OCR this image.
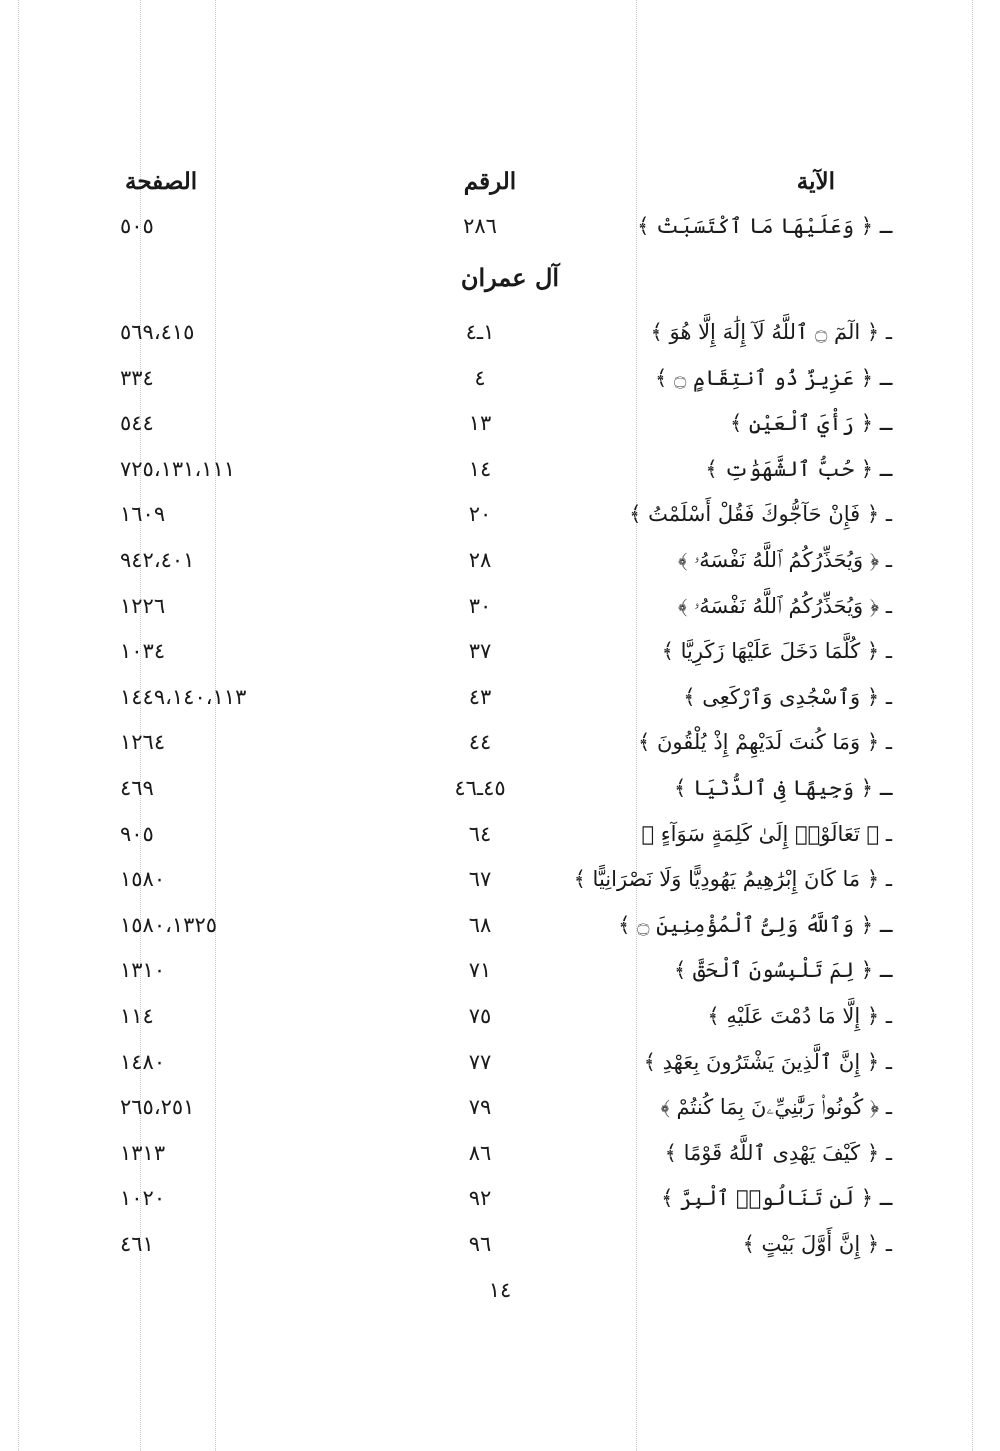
الآية
الرقم
الصفحة
ـ ﴿ وَعَلَيْهَا مَا ٱكْتَسَبَتْ ﴾
٢٨٦
٥٠٥
آل عمران
ـ ﴿ الٓمٓ ۝ ٱللَّهُ لَآ إِلَٰهَ إِلَّا هُوَ ﴾
١ـ٤
٥٦٩،٤١٥
ـ ﴿ عَزِيزٌ ذُو ٱنتِقَامٍ ۝ ﴾
٤
٣٣٤
ـ ﴿ رَأْيَ ٱلْعَيْنِ ﴾
١٣
٥٤٤
ـ ﴿ حُبُّ ٱلشَّهَوَٰتِ ﴾
١٤
٧٢٥،١٣١،١١١
ـ ﴿ فَإِنْ حَآجُّوكَ فَقُلْ أَسْلَمْتُ ﴾
٢٠
١٦٠٩
ـ ﴿ وَيُحَذِّرُكُمُ ٱللَّهُ نَفْسَهُۥ ﴾
٢٨
٩٤٢،٤٠١
ـ ﴿ وَيُحَذِّرُكُمُ ٱللَّهُ نَفْسَهُۥ ﴾
٣٠
١٢٢٦
ـ ﴿ كُلَّمَا دَخَلَ عَلَيْهَا زَكَرِيَّا ﴾
٣٧
١٠٣٤
ـ ﴿ وَٱسْجُدِى وَٱرْكَعِى ﴾
٤٣
١٤٤٩،١٤٠،١١٣
ـ ﴿ وَمَا كُنتَ لَدَيْهِمْ إِذْ يُلْقُونَ ﴾
٤٤
١٢٦٤
ـ ﴿ وَجِيهًا فِى ٱلدُّنْيَا ﴾
٤٥ـ٤٦
٤٦٩
ـ ﴿ تَعَالَوْا۟ إِلَىٰ كَلِمَةٍ سَوَآءٍ ﴾
٦٤
٩٠٥
ـ ﴿ مَا كَانَ إِبْرَٰهِيمُ يَهُودِيًّا وَلَا نَصْرَانِيًّا ﴾
٦٧
١٥٨٠
ـ ﴿ وَٱللَّهُ وَلِىُّ ٱلْمُؤْمِنِينَ ۝ ﴾
٦٨
١٥٨٠،١٣٢٥
ـ ﴿ لِمَ تَلْبِسُونَ ٱلْحَقَّ ﴾
٧١
١٣١٠
ـ ﴿ إِلَّا مَا دُمْتَ عَلَيْهِ ﴾
٧٥
١١٤
ـ ﴿ إِنَّ ٱلَّذِينَ يَشْتَرُونَ بِعَهْدِ ﴾
٧٧
١٤٨٠
ـ ﴿ كُونُوا۟ رَبَّٰنِيِّۦنَ بِمَا كُنتُمْ ﴾
٧٩
٢٦٥،٢٥١
ـ ﴿ كَيْفَ يَهْدِى ٱللَّهُ قَوْمًا ﴾
٨٦
١٣١٣
ـ ﴿ لَن تَنَالُوا۟ ٱلْبِرَّ ﴾
٩٢
١٠٢٠
ـ ﴿ إِنَّ أَوَّلَ بَيْتٍ ﴾
٩٦
٤٦١
١٤
